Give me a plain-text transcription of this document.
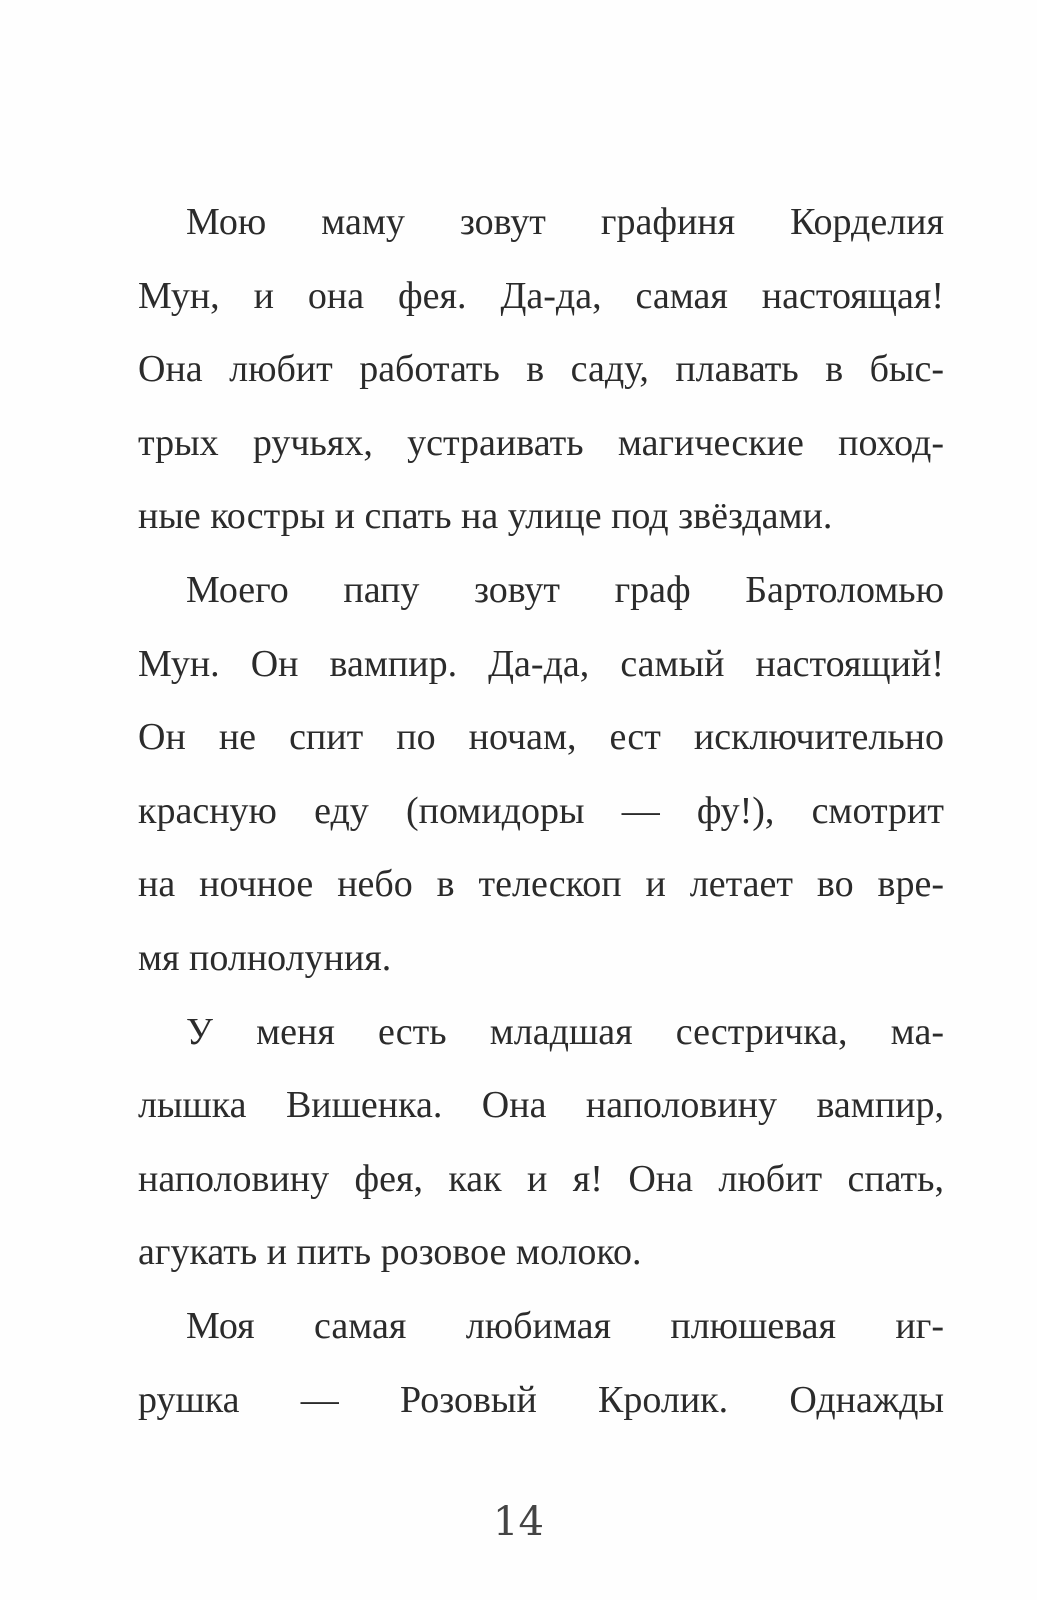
Мою маму зовут графиня Корделия
Мун, и она фея. Да-да, самая настоящая!
Она любит работать в саду, плавать в быс-
трых ручьях, устраивать магические поход-
ные костры и спать на улице под звёздами.
Моего папу зовут граф Бартоломью
Мун. Он вампир. Да-да, самый настоящий!
Он не спит по ночам, ест исключительно
красную еду (помидоры — фу!), смотрит
на ночное небо в телескоп и летает во вре-
мя полнолуния.
У меня есть младшая сестричка, ма-
лышка Вишенка. Она наполовину вампир,
наполовину фея, как и я! Она любит спать,
агукать и пить розовое молоко.
Моя самая любимая плюшевая иг-
рушка — Розовый Кролик. Однажды
14
